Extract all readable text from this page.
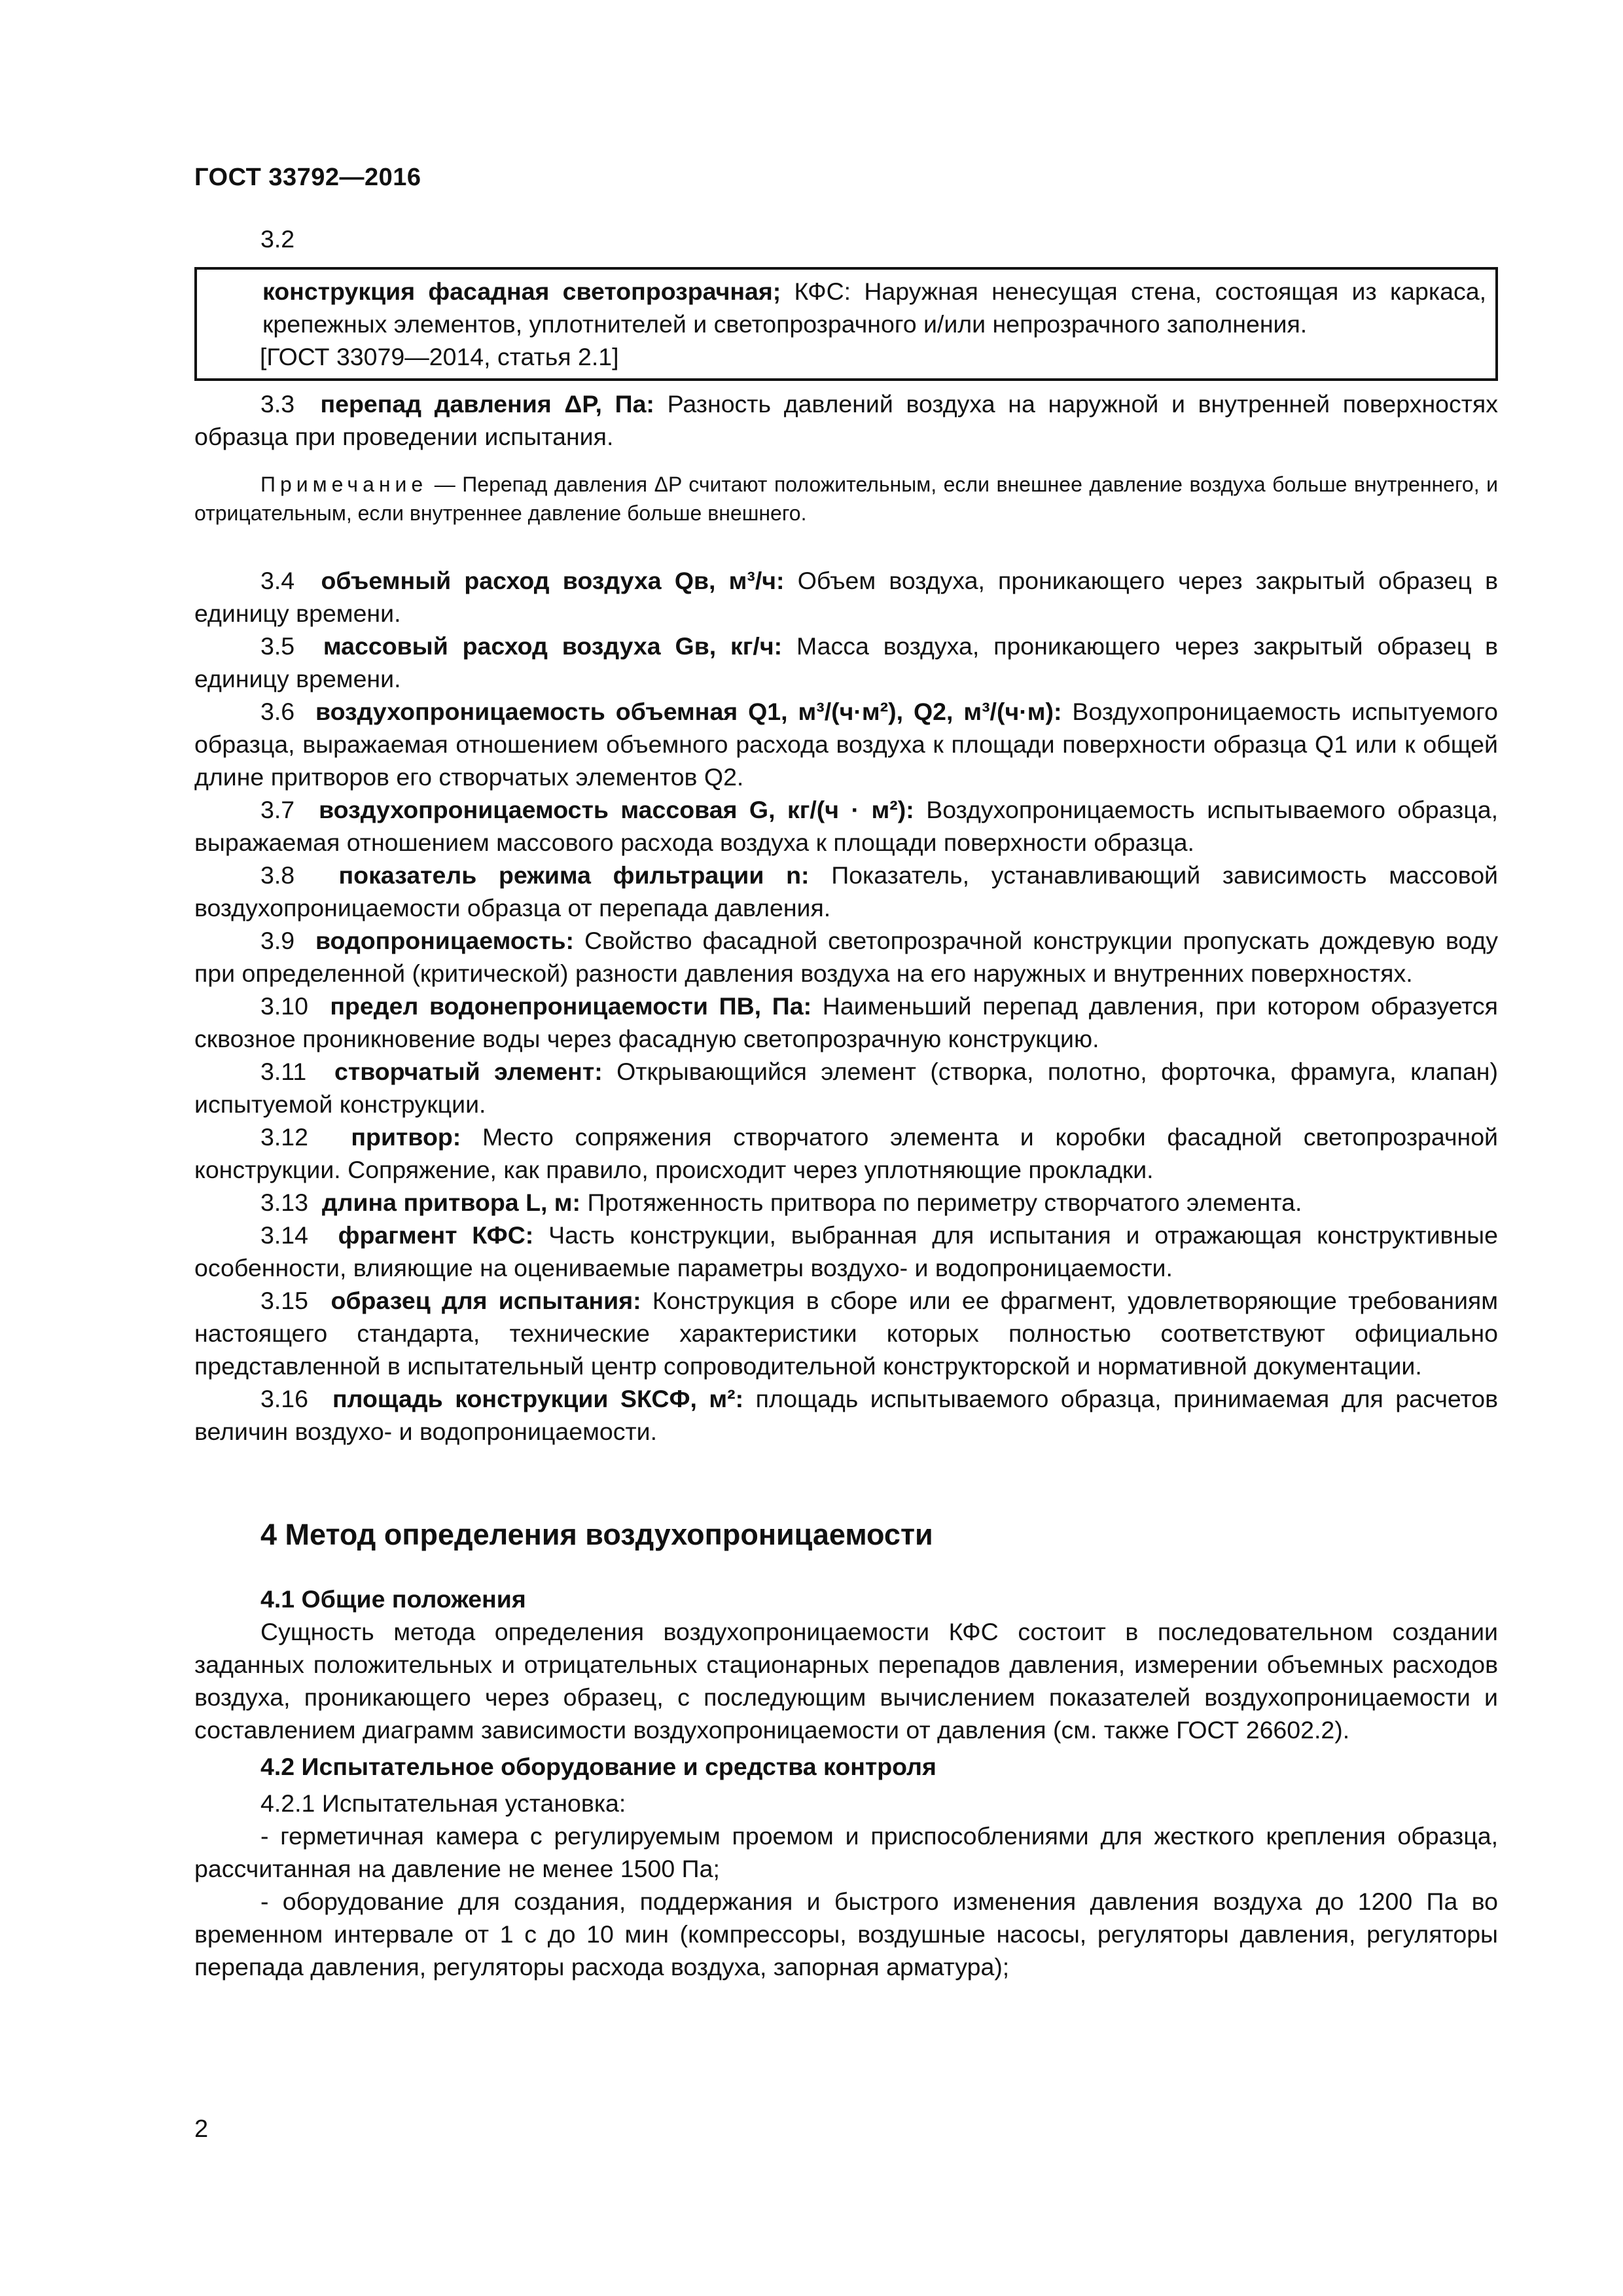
ГОСТ 33792—2016

3.2

конструкция фасадная светопрозрачная; КФС: Наружная ненесущая стена, состоящая из каркаса, крепежных элементов, уплотнителей и светопрозрачного и/или непрозрачного заполнения.

[ГОСТ 33079—2014, статья 2.1]

3.3 перепад давления ΔP, Па: Разность давлений воздуха на наружной и внутренней поверхностях образца при проведении испытания.

Примечание — Перепад давления ΔP считают положительным, если внешнее давление воздуха больше внутреннего, и отрицательным, если внутреннее давление больше внешнего.

3.4 объемный расход воздуха Qв, м³/ч: Объем воздуха, проникающего через закрытый образец в единицу времени.

3.5 массовый расход воздуха Gв, кг/ч: Масса воздуха, проникающего через закрытый образец в единицу времени.

3.6 воздухопроницаемость объемная Q1, м³/(ч·м²), Q2, м³/(ч·м): Воздухопроницаемость испытуемого образца, выражаемая отношением объемного расхода воздуха к площади поверхности образца Q1 или к общей длине притворов его створчатых элементов Q2.

3.7 воздухопроницаемость массовая G, кг/(ч · м²): Воздухопроницаемость испытываемого образца, выражаемая отношением массового расхода воздуха к площади поверхности образца.

3.8 показатель режима фильтрации n: Показатель, устанавливающий зависимость массовой воздухопроницаемости образца от перепада давления.

3.9 водопроницаемость: Свойство фасадной светопрозрачной конструкции пропускать дождевую воду при определенной (критической) разности давления воздуха на его наружных и внутренних поверхностях.

3.10 предел водонепроницаемости ПВ, Па: Наименьший перепад давления, при котором образуется сквозное проникновение воды через фасадную светопрозрачную конструкцию.

3.11 створчатый элемент: Открывающийся элемент (створка, полотно, форточка, фрамуга, клапан) испытуемой конструкции.

3.12 притвор: Место сопряжения створчатого элемента и коробки фасадной светопрозрачной конструкции. Сопряжение, как правило, происходит через уплотняющие прокладки.

3.13 длина притвора L, м: Протяженность притвора по периметру створчатого элемента.

3.14 фрагмент КФС: Часть конструкции, выбранная для испытания и отражающая конструктивные особенности, влияющие на оцениваемые параметры воздухо- и водопроницаемости.

3.15 образец для испытания: Конструкция в сборе или ее фрагмент, удовлетворяющие требованиям настоящего стандарта, технические характеристики которых полностью соответствуют официально представленной в испытательный центр сопроводительной конструкторской и нормативной документации.

3.16 площадь конструкции SКСФ, м²: площадь испытываемого образца, принимаемая для расчетов величин воздухо- и водопроницаемости.

4 Метод определения воздухопроницаемости
4.1 Общие положения

Сущность метода определения воздухопроницаемости КФС состоит в последовательном создании заданных положительных и отрицательных стационарных перепадов давления, измерении объемных расходов воздуха, проникающего через образец, с последующим вычислением показателей воздухопроницаемости и составлением диаграмм зависимости воздухопроницаемости от давления (см. также ГОСТ 26602.2).

4.2 Испытательное оборудование и средства контроля

4.2.1 Испытательная установка:

- герметичная камера с регулируемым проемом и приспособлениями для жесткого крепления образца, рассчитанная на давление не менее 1500 Па;

- оборудование для создания, поддержания и быстрого изменения давления воздуха до 1200 Па во временном интервале от 1 с до 10 мин (компрессоры, воздушные насосы, регуляторы давления, регуляторы перепада давления, регуляторы расхода воздуха, запорная арматура);

2
